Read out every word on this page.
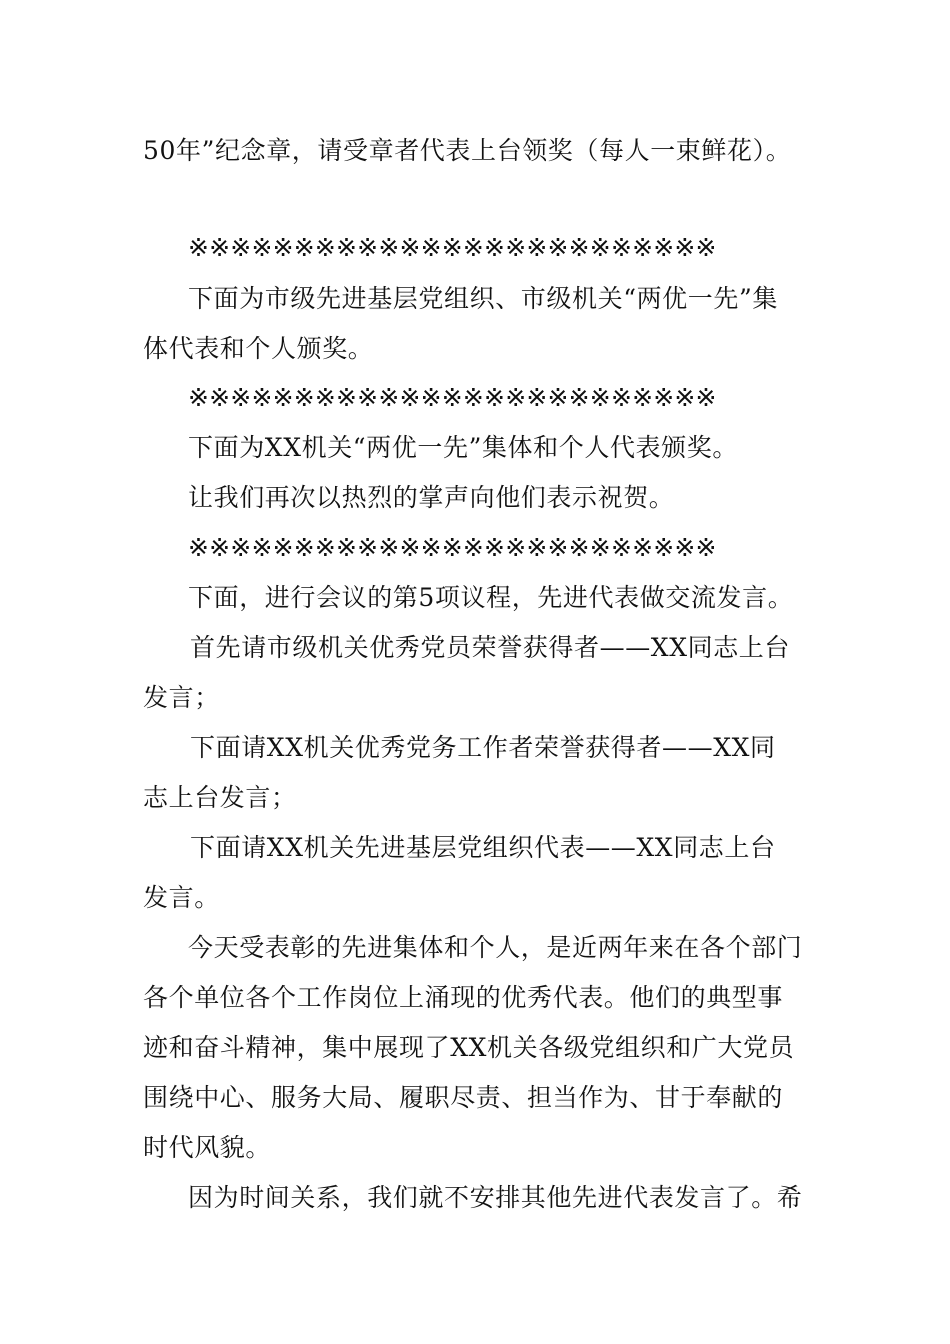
50年”纪念章，请受章者代表上台领奖（每人一束鲜花）。
※※※※※※※※※※※※※※※※※※※※※※※※※
下面为市级先进基层党组织、市级机关“两优一先”集
体代表和个人颁奖。
※※※※※※※※※※※※※※※※※※※※※※※※※
下面为XX机关“两优一先”集体和个人代表颁奖。
让我们再次以热烈的掌声向他们表示祝贺。
※※※※※※※※※※※※※※※※※※※※※※※※※
下面，进行会议的第5项议程，先进代表做交流发言。
首先请市级机关优秀党员荣誉获得者——XX同志上台
发言；
下面请XX机关优秀党务工作者荣誉获得者——XX同
志上台发言；
下面请XX机关先进基层党组织代表——XX同志上台
发言。
今天受表彰的先进集体和个人，是近两年来在各个部门
各个单位各个工作岗位上涌现的优秀代表。他们的典型事
迹和奋斗精神，集中展现了XX机关各级党组织和广大党员
围绕中心、服务大局、履职尽责、担当作为、甘于奉献的
时代风貌。
因为时间关系，我们就不安排其他先进代表发言了。希
